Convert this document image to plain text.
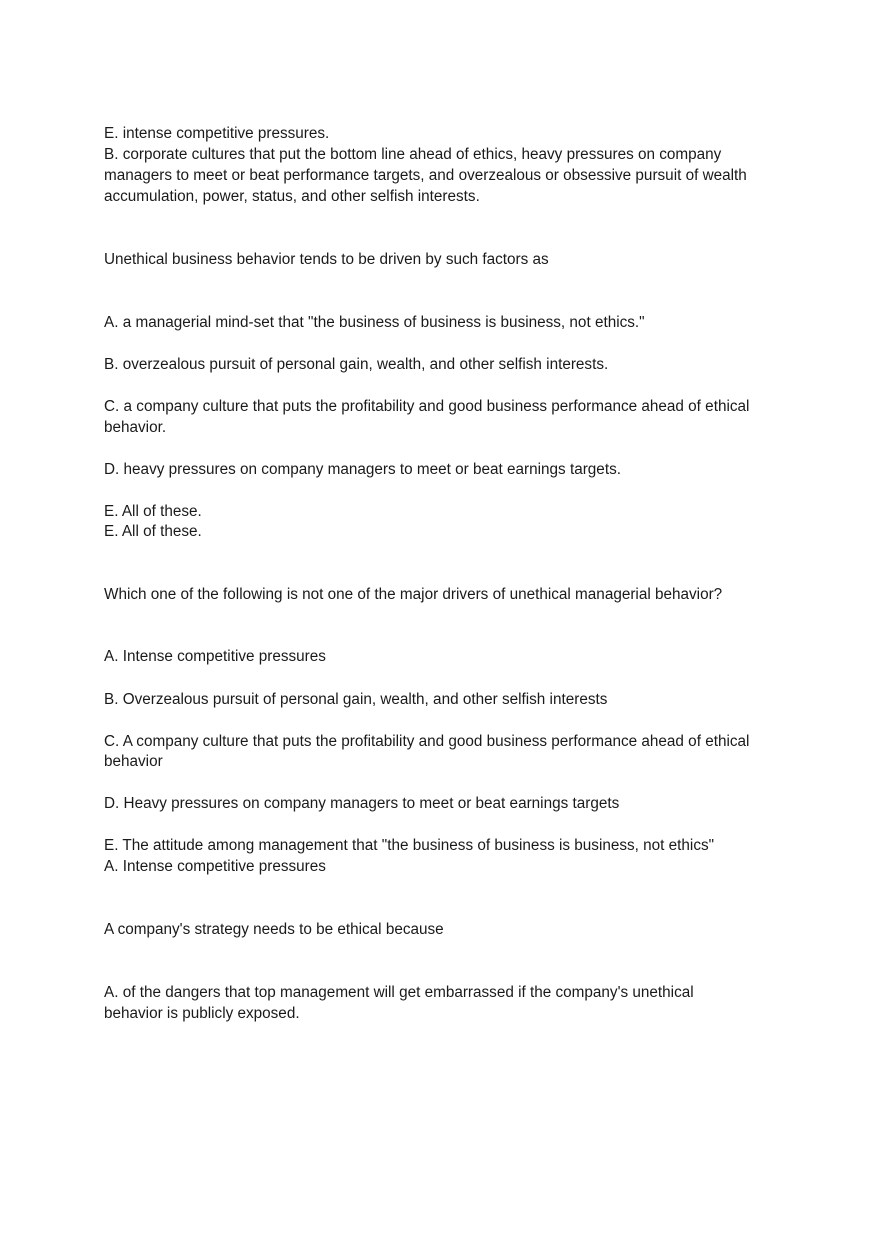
E. intense competitive pressures.

B. corporate cultures that put the bottom line ahead of ethics, heavy pressures on company

managers to meet or beat performance targets, and overzealous or obsessive pursuit of wealth

accumulation, power, status, and other selfish interests.

Unethical business behavior tends to be driven by such factors as

A. a managerial mind-set that "the business of business is business, not ethics."

B. overzealous pursuit of personal gain, wealth, and other selfish interests.

C. a company culture that puts the profitability and good business performance ahead of ethical

behavior.

D. heavy pressures on company managers to meet or beat earnings targets.

E. All of these.

E. All of these.

Which one of the following is not one of the major drivers of unethical managerial behavior?

A. Intense competitive pressures

B. Overzealous pursuit of personal gain, wealth, and other selfish interests

C. A company culture that puts the profitability and good business performance ahead of ethical

behavior

D. Heavy pressures on company managers to meet or beat earnings targets

E. The attitude among management that "the business of business is business, not ethics"

A. Intense competitive pressures

A company's strategy needs to be ethical because

A. of the dangers that top management will get embarrassed if the company's unethical

behavior is publicly exposed.
